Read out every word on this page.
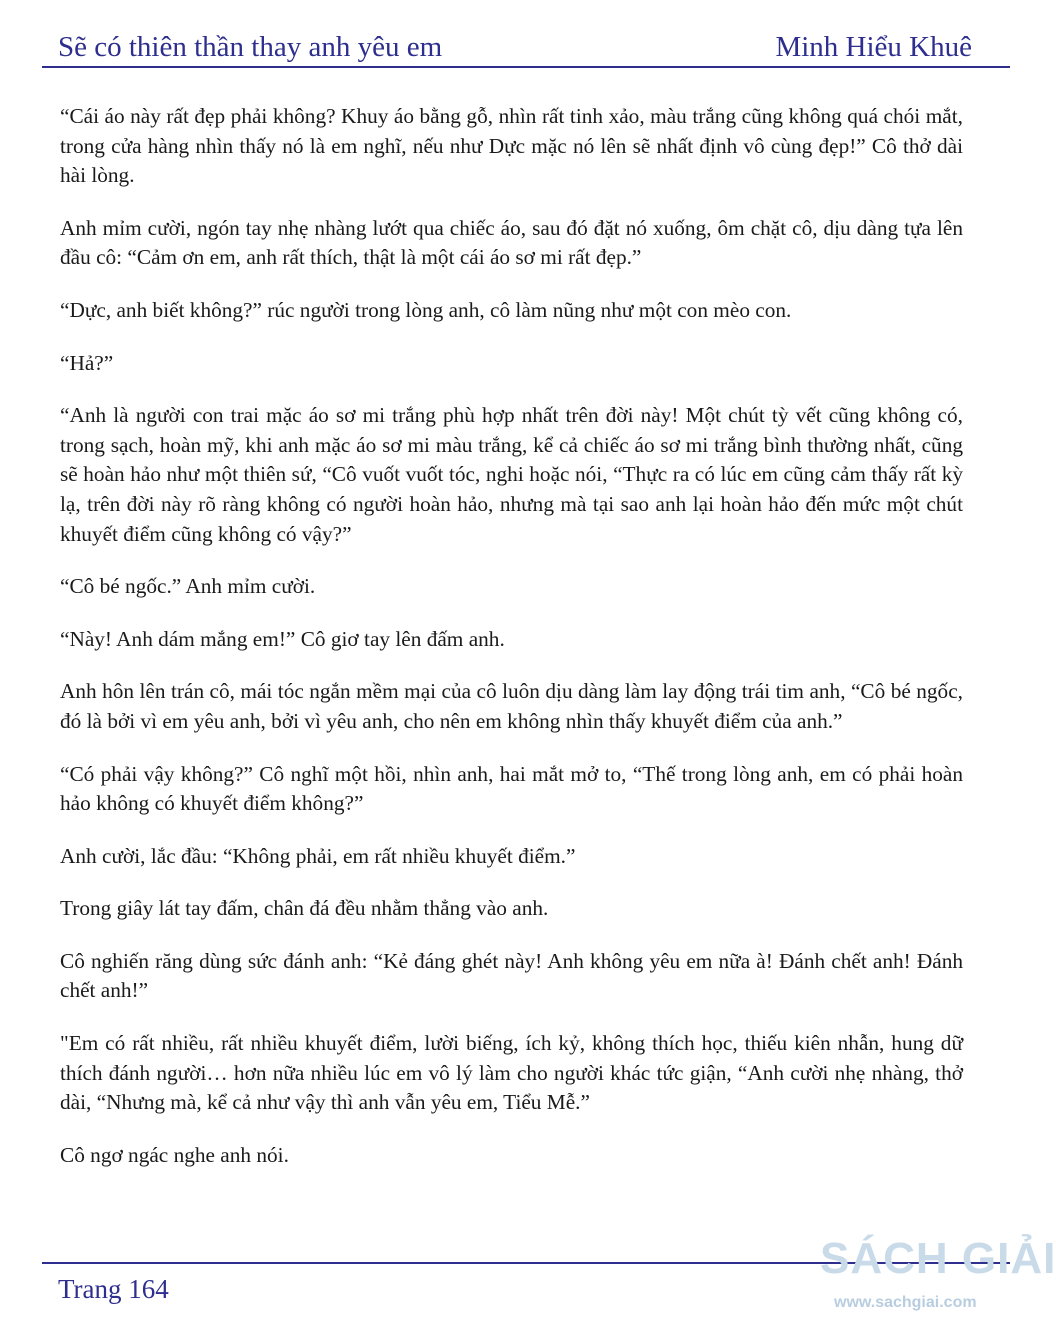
Sẽ có thiên thần thay anh yêu em	Minh Hiểu Khuê

“Cái áo này rất đẹp phải không? Khuy áo bằng gỗ, nhìn rất tinh xảo, màu trắng cũng không quá chói mắt, trong cửa hàng nhìn thấy nó là em nghĩ, nếu như Dực mặc nó lên sẽ nhất định vô cùng đẹp!” Cô thở dài hài lòng.

Anh mỉm cười, ngón tay nhẹ nhàng lướt qua chiếc áo, sau đó đặt nó xuống, ôm chặt cô, dịu dàng tựa lên đầu cô: “Cảm ơn em, anh rất thích, thật là một cái áo sơ mi rất đẹp.”

“Dực, anh biết không?” rúc người trong lòng anh, cô làm nũng như một con mèo con.

“Hả?”

“Anh là người con trai mặc áo sơ mi trắng phù hợp nhất trên đời này! Một chút tỳ vết cũng không có, trong sạch, hoàn mỹ, khi anh mặc áo sơ mi màu trắng, kể cả chiếc áo sơ mi trắng bình thường nhất, cũng sẽ hoàn hảo như một thiên sứ, “Cô vuốt vuốt tóc, nghi hoặc nói, “Thực ra có lúc em cũng cảm thấy rất kỳ lạ, trên đời này rõ ràng không có người hoàn hảo, nhưng mà tại sao anh lại hoàn hảo đến mức một chút khuyết điểm cũng không có vậy?”

“Cô bé ngốc.” Anh mỉm cười.

“Này! Anh dám mắng em!” Cô giơ tay lên đấm anh.

Anh hôn lên trán cô, mái tóc ngắn mềm mại của cô luôn dịu dàng làm lay động trái tim anh, “Cô bé ngốc, đó là bởi vì em yêu anh, bởi vì yêu anh, cho nên em không nhìn thấy khuyết điểm của anh.”

“Có phải vậy không?” Cô nghĩ một hồi, nhìn anh, hai mắt mở to, “Thế trong lòng anh, em có phải hoàn hảo không có khuyết điểm không?”

Anh cười, lắc đầu: “Không phải, em rất nhiều khuyết điểm.”

Trong giây lát tay đấm, chân đá đều nhằm thẳng vào anh.

Cô nghiến răng dùng sức đánh anh: “Kẻ đáng ghét này! Anh không yêu em nữa à! Đánh chết anh! Đánh chết anh!”

"Em có rất nhiều, rất nhiều khuyết điểm, lười biếng, ích kỷ, không thích học, thiếu kiên nhẫn, hung dữ thích đánh người… hơn nữa nhiều lúc em vô lý làm cho người khác tức giận, “Anh cười nhẹ nhàng, thở dài, “Nhưng mà, kể cả như vậy thì anh vẫn yêu em, Tiểu Mễ.”

Cô ngơ ngác nghe anh nói.

Trang 164
SÁCH GIẢI
www.sachgiai.com
